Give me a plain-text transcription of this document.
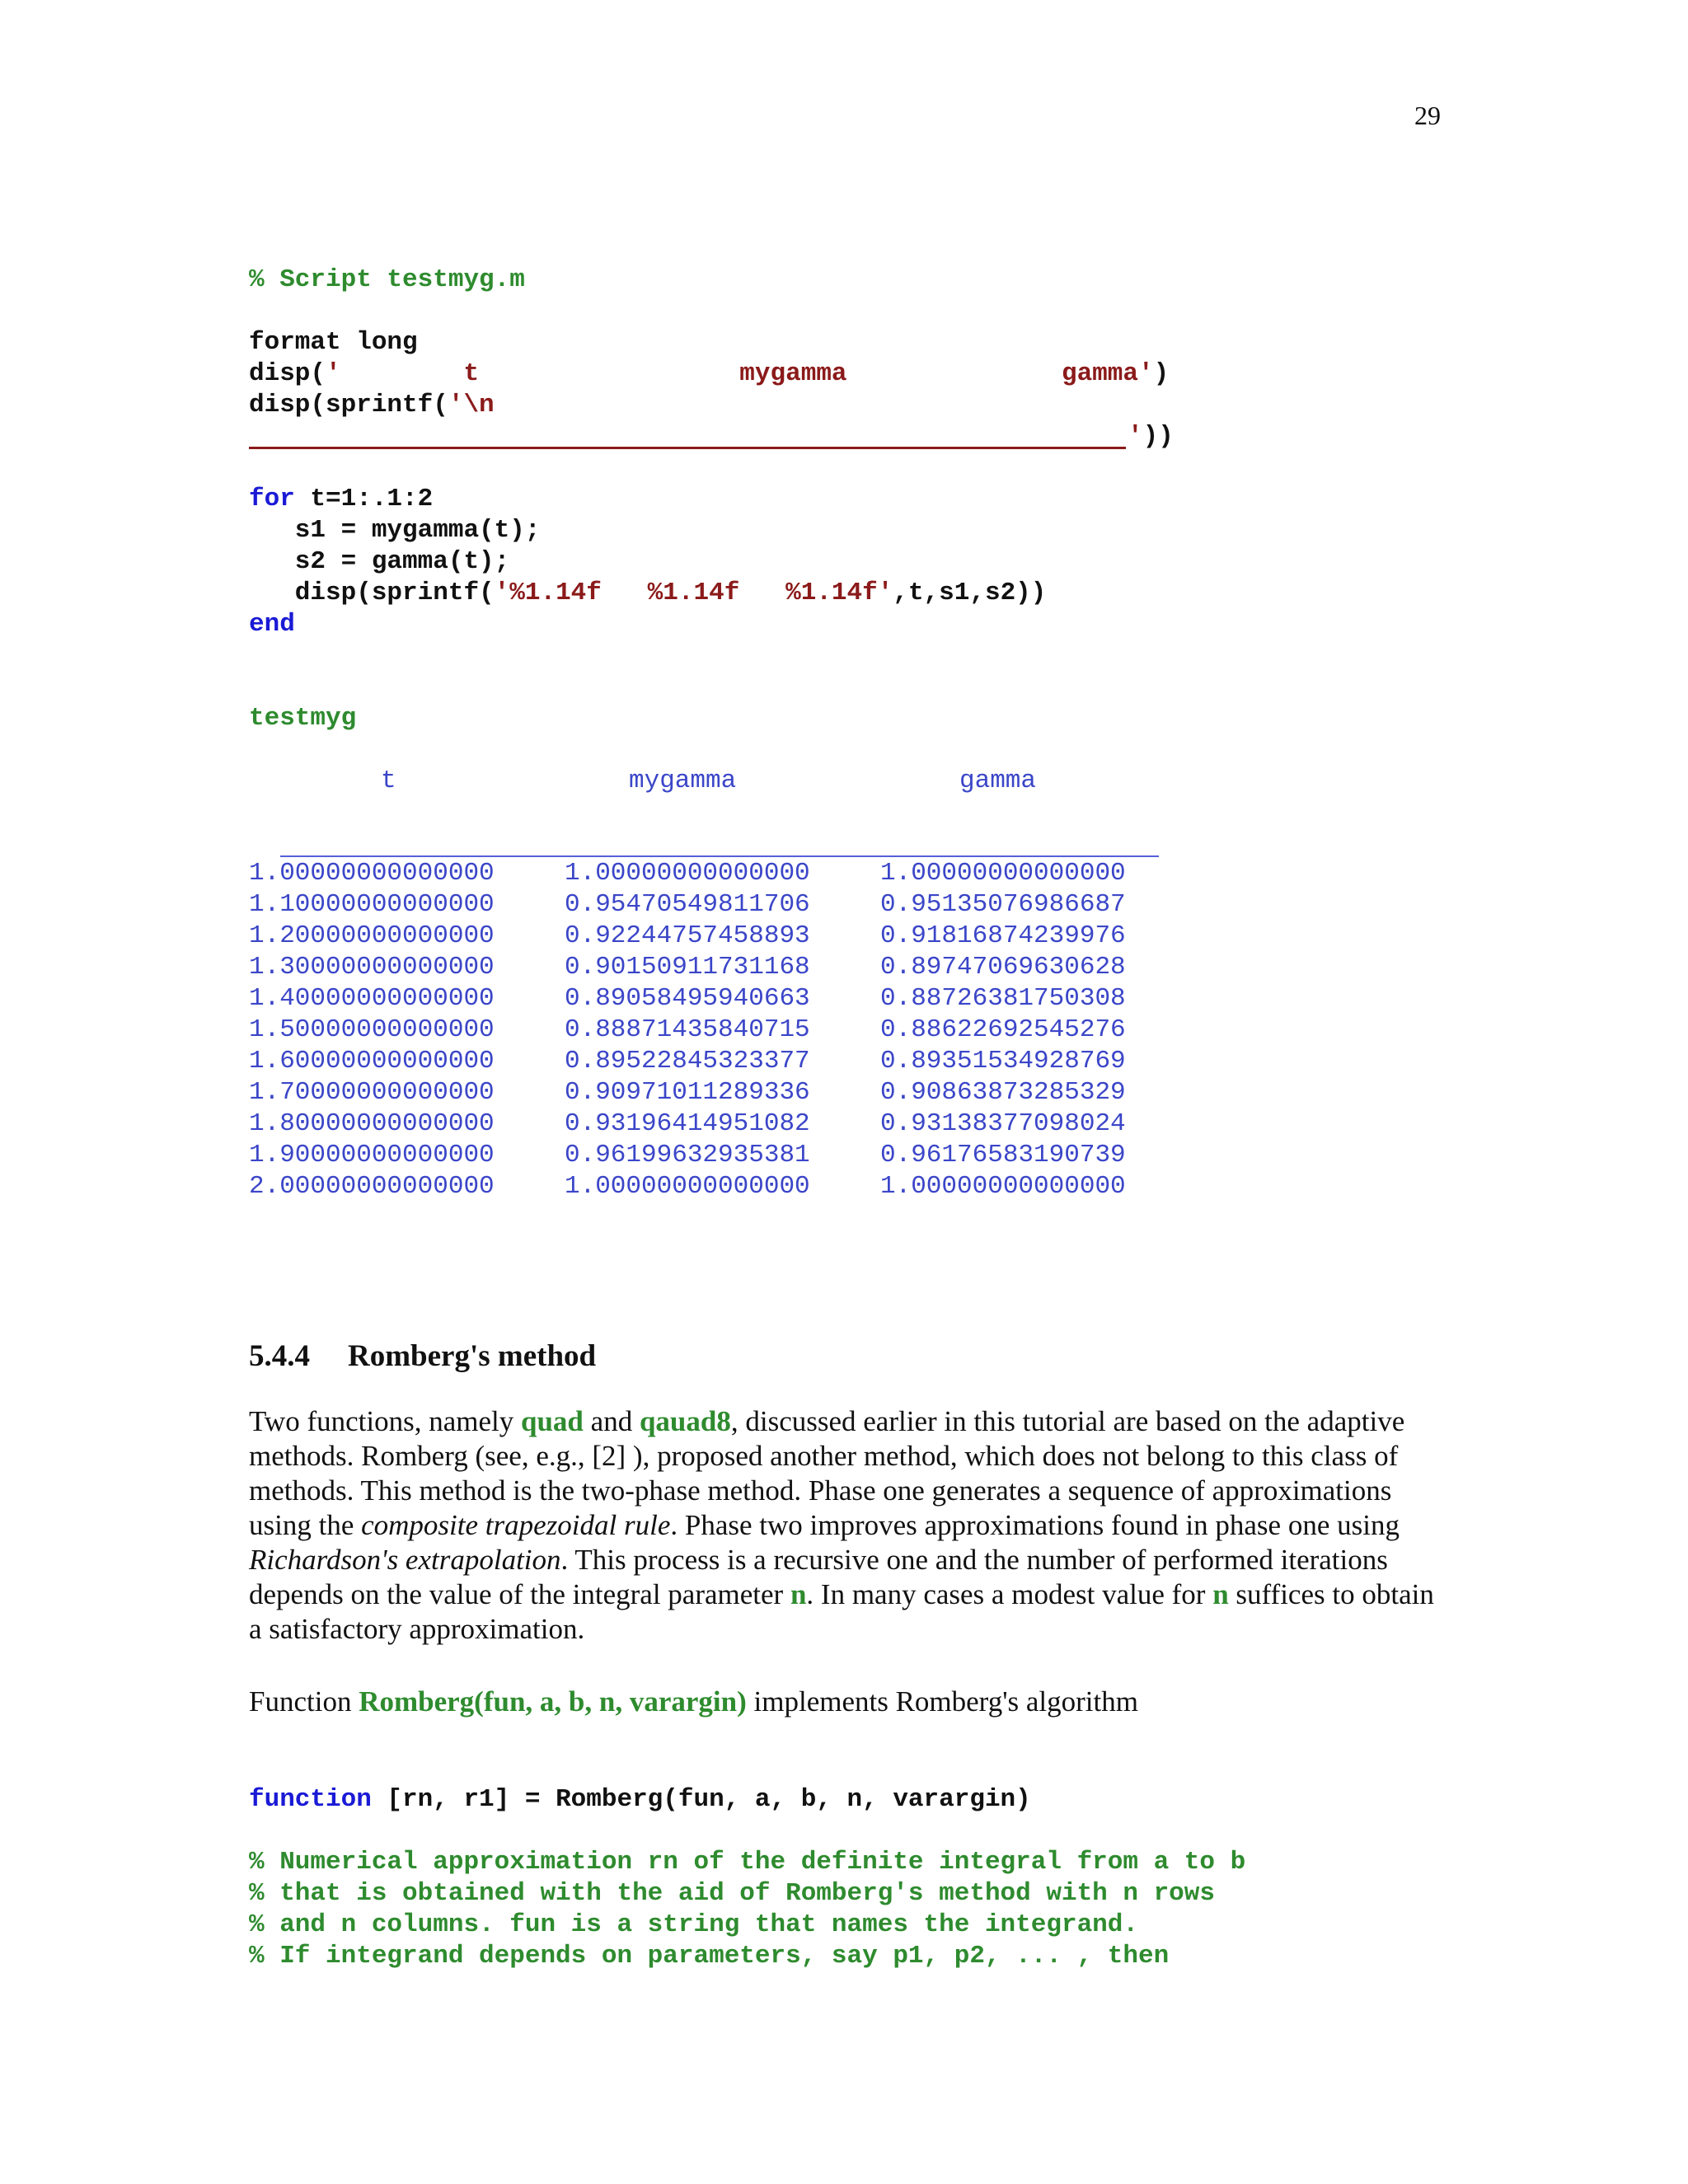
29
% Script testmyg.m
format long
disp('        t                 mygamma              gamma')
disp(sprintf('\n
'))
for t=1:.1:2
s1 = mygamma(t);
s2 = gamma(t);
disp(sprintf('%1.14f   %1.14f   %1.14f',t,s1,s2))
end
testmyg
t	mygamma	gamma
1.00000000000000	1.00000000000000	1.00000000000000
1.10000000000000	0.95470549811706	0.95135076986687
1.20000000000000	0.92244757458893	0.91816874239976
1.30000000000000	0.90150911731168	0.89747069630628
1.40000000000000	0.89058495940663	0.88726381750308
1.50000000000000	0.88871435840715	0.88622692545276
1.60000000000000	0.89522845323377	0.89351534928769
1.70000000000000	0.90971011289336	0.90863873285329
1.80000000000000	0.93196414951082	0.93138377098024
1.90000000000000	0.96199632935381	0.96176583190739
2.00000000000000	1.00000000000000	1.00000000000000
5.4.4 Romberg's method
Two functions, namely quad and qauad8, discussed earlier in this tutorial are based on the adaptive methods. Romberg (see, e.g., [2] ), proposed another method, which does not belong to this class of methods. This method is the two-phase method. Phase one generates a sequence of approximations using the composite trapezoidal rule. Phase two improves approximations found in phase one using Richardson's extrapolation. This process is a recursive one and the number of performed iterations depends on the value of the integral parameter n. In many cases a modest value for n suffices to obtain a satisfactory approximation.
Function Romberg(fun, a, b, n, varargin) implements Romberg's algorithm
function [rn, r1] = Romberg(fun, a, b, n, varargin)
% Numerical approximation rn of the definite integral from a to b
% that is obtained with the aid of Romberg's method with n rows
% and n columns. fun is a string that names the integrand.
% If integrand depends on parameters, say p1, p2, ... , then
